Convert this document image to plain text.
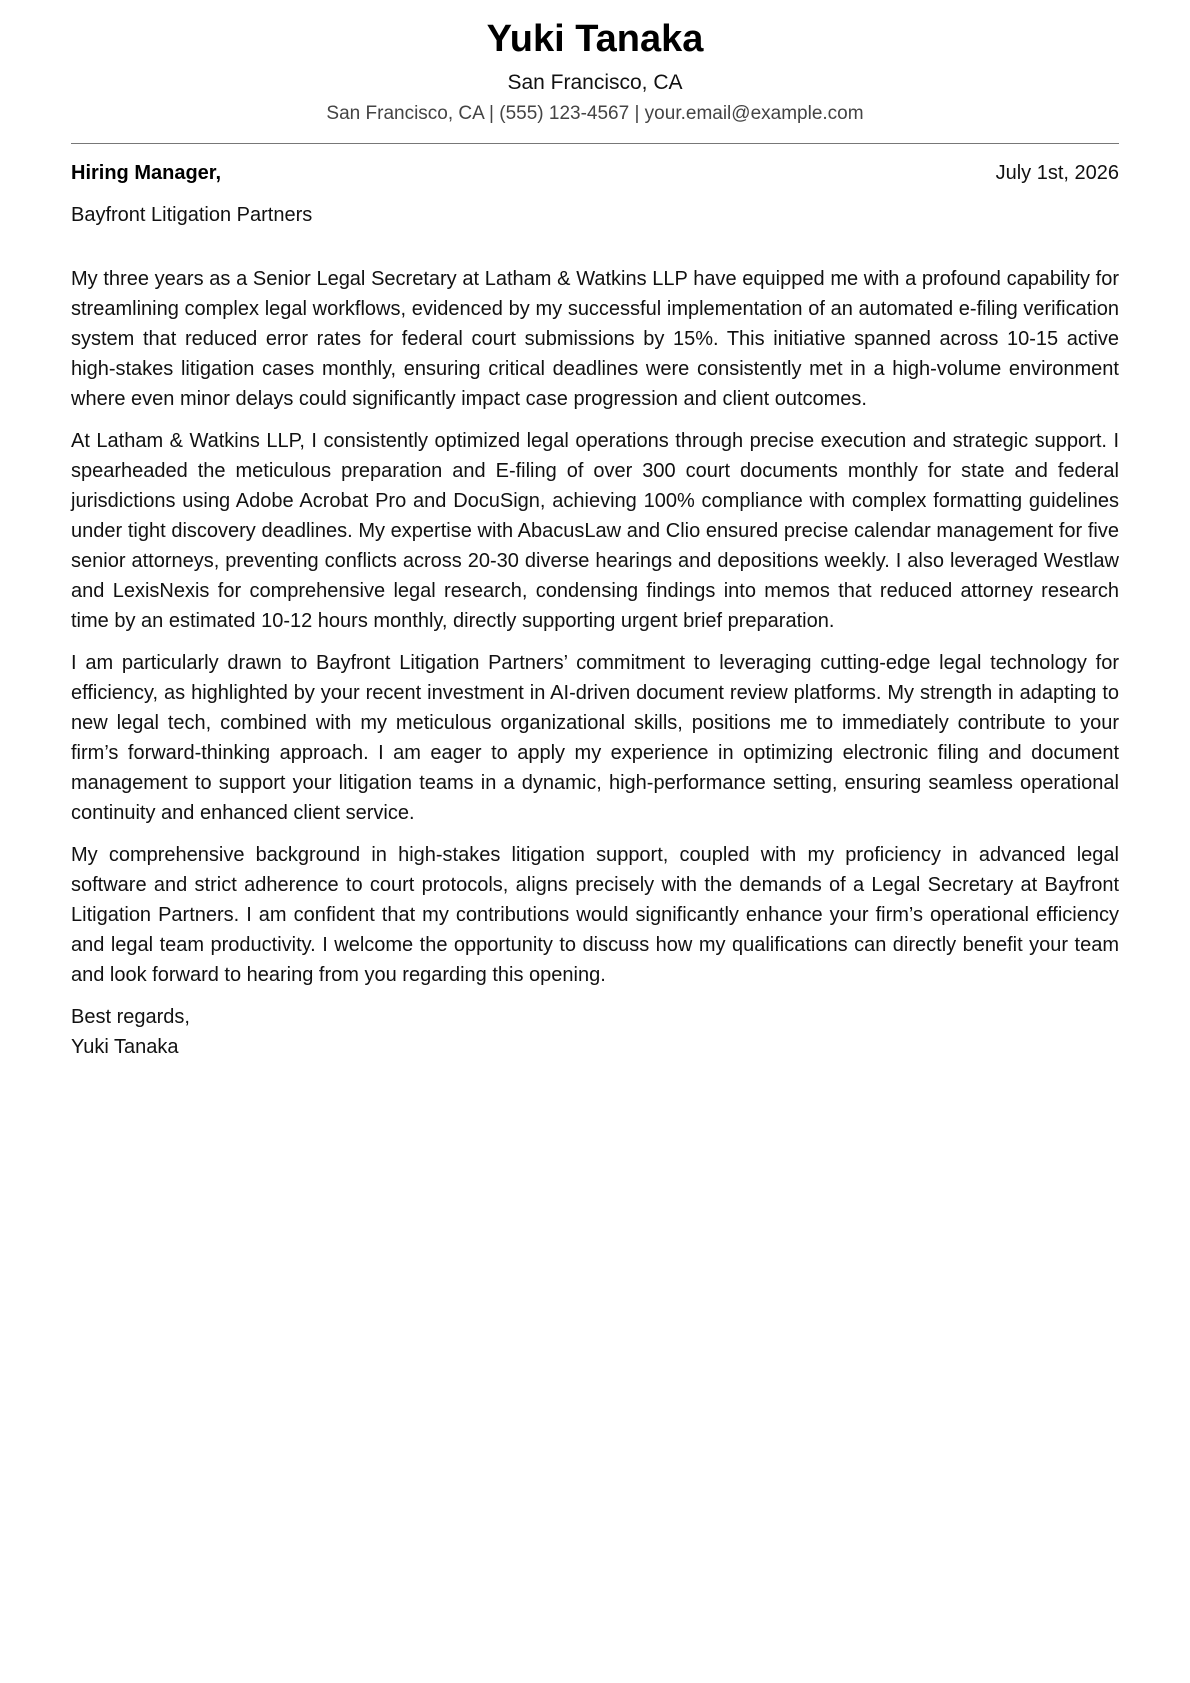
Yuki Tanaka
San Francisco, CA
San Francisco, CA | (555) 123-4567 | your.email@example.com
Hiring Manager,	July 1st, 2026
Bayfront Litigation Partners

My three years as a Senior Legal Secretary at Latham & Watkins LLP have equipped me with a profound capability for streamlining complex legal workflows, evidenced by my successful implementation of an automated e-filing verification system that reduced error rates for federal court submissions by 15%. This initiative spanned across 10-15 active high-stakes litigation cases monthly, ensuring critical deadlines were consistently met in a high-volume environment where even minor delays could significantly impact case progression and client outcomes.

At Latham & Watkins LLP, I consistently optimized legal operations through precise execution and strategic support. I spearheaded the meticulous preparation and E-filing of over 300 court documents monthly for state and federal jurisdictions using Adobe Acrobat Pro and DocuSign, achieving 100% compliance with complex formatting guidelines under tight discovery deadlines. My expertise with AbacusLaw and Clio ensured precise calendar management for five senior attorneys, preventing conflicts across 20-30 diverse hearings and depositions weekly. I also leveraged Westlaw and LexisNexis for comprehensive legal research, condensing findings into memos that reduced attorney research time by an estimated 10-12 hours monthly, directly supporting urgent brief preparation.

I am particularly drawn to Bayfront Litigation Partners’ commitment to leveraging cutting-edge legal technology for efficiency, as highlighted by your recent investment in AI-driven document review platforms. My strength in adapting to new legal tech, combined with my meticulous organizational skills, positions me to immediately contribute to your firm’s forward-thinking approach. I am eager to apply my experience in optimizing electronic filing and document management to support your litigation teams in a dynamic, high-performance setting, ensuring seamless operational continuity and enhanced client service.

My comprehensive background in high-stakes litigation support, coupled with my proficiency in advanced legal software and strict adherence to court protocols, aligns precisely with the demands of a Legal Secretary at Bayfront Litigation Partners. I am confident that my contributions would significantly enhance your firm’s operational efficiency and legal team productivity. I welcome the opportunity to discuss how my qualifications can directly benefit your team and look forward to hearing from you regarding this opening.

Best regards,
Yuki Tanaka
